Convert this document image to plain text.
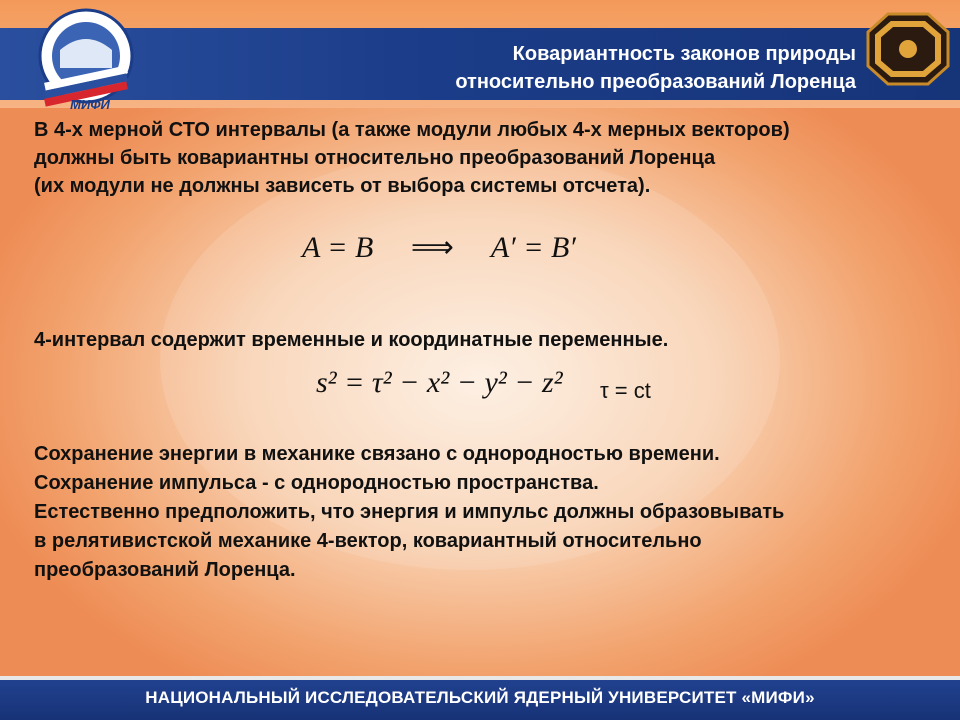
МИФИ
Ковариантность законов природы
относительно преобразований Лоренца
В 4-х мерной СТО интервалы (а также модули любых 4-х мерных векторов)
должны быть ковариантны относительно преобразований Лоренца
(их модули не должны зависеть от выбора системы отсчета).
A = B ⟹ A′ = B′
4-интервал содержит временные и координатные переменные.
s² = τ² − x² − y² − z² τ = ct
Сохранение энергии в механике связано с однородностью времени.
Сохранение импульса - с однородностью пространства.
Естественно предположить, что энергия и импульс должны образовывать
в релятивистской механике 4-вектор, ковариантный относительно
преобразований Лоренца.
НАЦИОНАЛЬНЫЙ ИССЛЕДОВАТЕЛЬСКИЙ ЯДЕРНЫЙ УНИВЕРСИТЕТ «МИФИ»
